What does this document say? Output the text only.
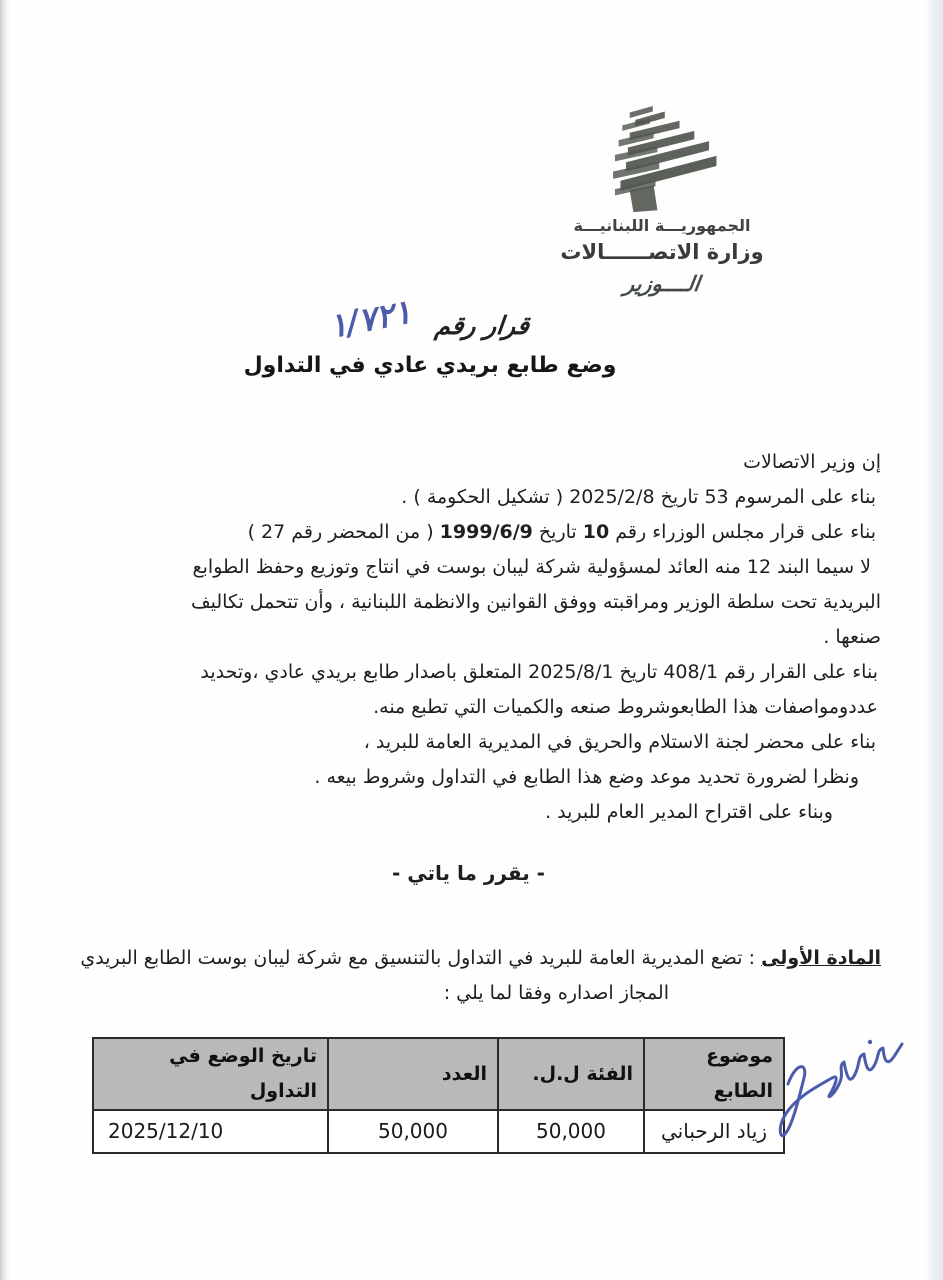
الجمهوريـــة اللبنانيـــة
وزارة الاتصــــــالات
الــــوزير
قرار رقم
١/٧٢١
وضع طابع بريدي عادي في التداول
إن وزير الاتصالات
بناء على المرسوم 53 تاريخ 2025/2/8 ( تشكيل الحكومة ) .
بناء على قرار مجلس الوزراء رقم 10 تاريخ 1999/6/9 ( من المحضر رقم 27 )
لا سيما البند 12 منه العائد لمسؤولية شركة ليبان بوست في انتاج وتوزيع وحفظ الطوابع
البريدية تحت سلطة الوزير ومراقبته ووفق القوانين والانظمة اللبنانية ، وأن تتحمل تكاليف
صنعها .
بناء على القرار رقم 408/1 تاريخ 2025/8/1 المتعلق باصدار طابع بريدي عادي ،وتحديد
عددومواصفات هذا الطابعوشروط صنعه والكميات التي تطبع منه.
بناء على محضر لجنة الاستلام والحريق في المديرية العامة للبريد ،
ونظرا لضرورة تحديد موعد وضع هذا الطابع في التداول وشروط بيعه .
وبناء على اقتراح المدير العام للبريد .
- يقرر ما ياتي -
المادة الأولى : تضع المديرية العامة للبريد في التداول بالتنسيق مع شركة ليبان بوست الطابع البريدي
المجاز اصداره وفقا لما يلي :
موضوع الطابع	الفئة ل.ل.	العدد	تاريخ الوضع في التداول
زياد الرحباني	50,000	50,000	2025/12/10
